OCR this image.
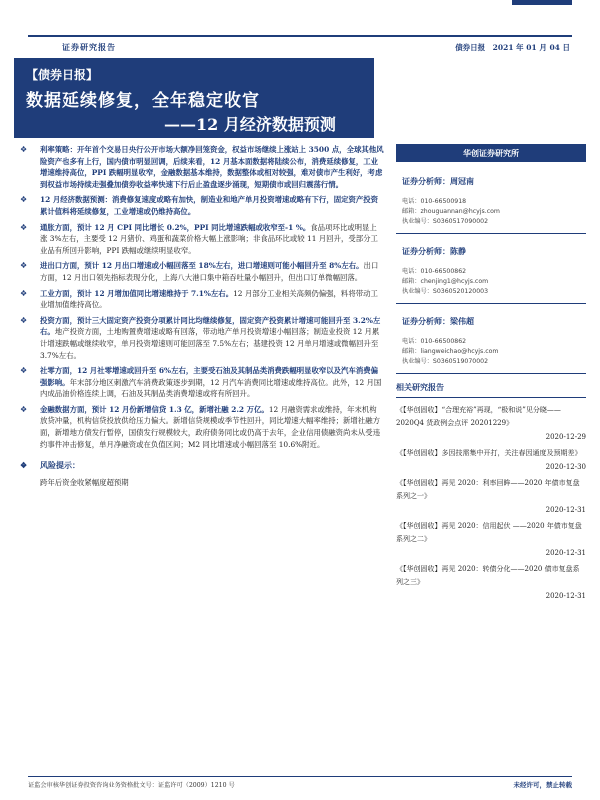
证券研究报告	债券日报　2021 年 01 月 04 日
【债券日报】
数据延续修复，全年稳定收官
——12 月经济数据预测
❖ 利率策略：开年首个交易日央行公开市场大额净回笼资金，权益市场继续上涨站上 3500 点，全球其他风险资产也多有上行，国内债市明显回调，后续来看，12 月基本面数据将陆续公布，消费延续修复，工业增速维持高位，PPI 跌幅明显收窄，金融数据基本维持，数据整体或相对较强，难对债市产生利好，考虑到权益市场持续走强叠加债券收益率快速下行后止盈盘逐步涌现，短期债市或回归震荡行情。
❖ 12 月经济数据预测：消费修复速度或略有加快，制造业和地产单月投资增速或略有下行，固定资产投资累计值料将延续修复，工业增速或仍维持高位。
❖ 通胀方面，预计 12 月 CPI 同比增长 0.2%，PPI 同比增速跌幅或收窄至-1 %。食品项环比或明显上涨 3%左右，主要受 12 月猪价、鸡蛋和蔬菜价格大幅上涨影响；非食品环比或较 11 月回升，受部分工业品有所回升影响，PPI 跌幅或继续明显收窄。
❖ 进出口方面，预计 12 月出口增速或小幅回落至 18%左右，进口增速则可能小幅回升至 8%左右。出口方面，12 月出口领先指标表现分化，上海八大港口集中箱吞吐量小幅回升，但出口订单微幅回落。
❖ 工业方面，预计 12 月增加值同比增速维持于 7.1%左右。12 月部分工业相关高频仍偏强，料将带动工业增加值维持高位。
❖ 投资方面，预计三大固定资产投资分项累计同比均继续修复，固定资产投资累计增速可能回升至 3.2%左右。地产投资方面，土地购置费增速或略有回落，带动地产单月投资增速小幅回落；制造业投资 12 月累计增速跌幅或继续收窄，单月投资增速则可能回落至 7.5%左右；基建投资 12 月单月增速或微幅回升至 3.7%左右。
❖ 社零方面，12 月社零增速或回升至 6%左右，主要受石油及其制品类消费跌幅明显收窄以及汽车消费偏强影响。年末部分地区刺激汽车消费政策逐步到期，12 月汽车消费同比增速或维持高位。此外，12 月国内成品油价格连续上调，石油及其制品类消费增速或将有所回升。
❖ 金融数据方面，预计 12 月份新增信贷 1.3 亿，新增社融 2.2 万亿。12 月融资需求或维持，年末机构放贷冲量，机构信贷投放供给压力偏大。新增信贷规模或季节性回升，同比增速大幅率维持；新增社融方面，新增地方债发行暂停，国债发行规模较大，政府债务同比或仍高于去年，企业信用债融资尚未从受违约事件冲击修复，单月净融资或在负值区间；M2 同比增速或小幅回落至 10.6%附近。
❖ 风险提示：
跨年后资金收紧幅度超预期
华创证券研究所
证券分析师：周冠南
电话：010-66500918
邮箱：zhouguannan@hcyjs.com
执业编号：S0360517090002
证券分析师：陈静
电话：010-66500862
邮箱：chenjing1@hcyjs.com
执业编号：S0360520120003
证券分析师：梁伟超
电话：010-66500862
邮箱：liangweichao@hcyjs.com
执业编号：S0360519070002
相关研究报告
《【华创固收】“合理充裕”再现，“极和说”见分晓——2020Q4 货政例会点评 20201229》
2020-12-29
《【华创固收】多因技需集中开打，关注春因通度及预期差》
2020-12-30
《【华创固收】再见 2020：利率回眸——2020 年债市复盘系列之一》
2020-12-31
《【华创固收】再见 2020：信用起伏 ——2020 年债市复盘系列之二》
2020-12-31
《【华创固收】再见 2020：转债分化——2020 债市复盘系列之三》
2020-12-31
证监会审核华创证券投资咨询业务资格批文号：证监许可（2009）1210 号	未经许可，禁止转载
